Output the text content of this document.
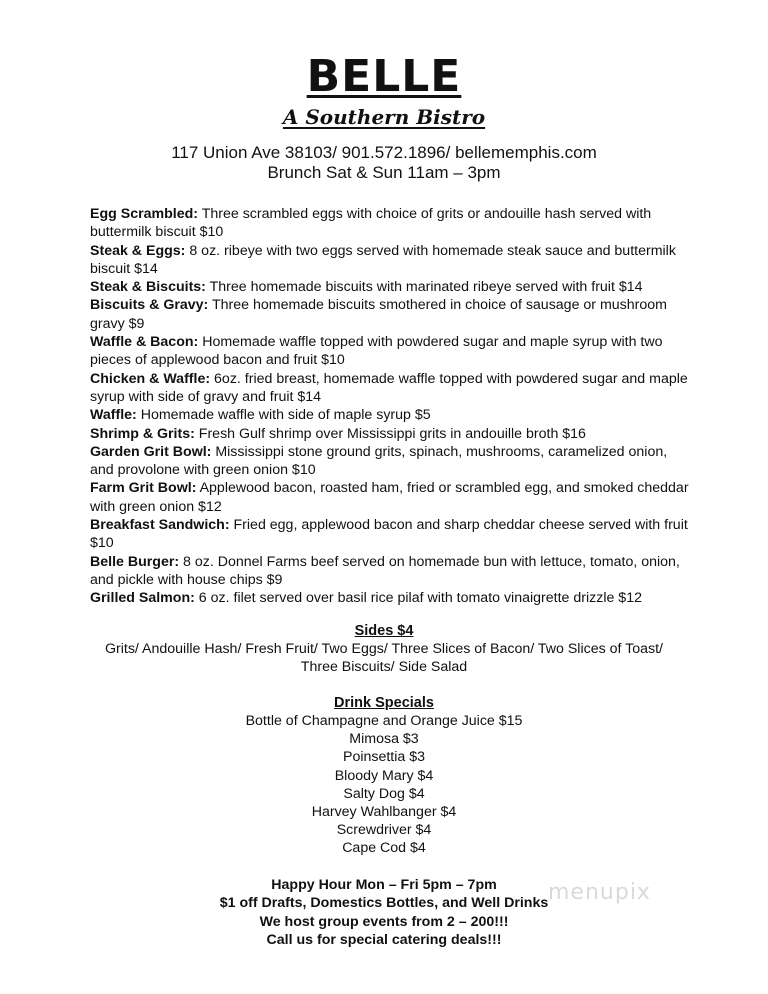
BELLE
A Southern Bistro
117 Union Ave 38103/ 901.572.1896/ bellememphis.com
Brunch Sat & Sun 11am – 3pm

Egg Scrambled: Three scrambled eggs with choice of grits or andouille hash served with buttermilk biscuit $10

Steak & Eggs: 8 oz. ribeye with two eggs served with homemade steak sauce and buttermilk biscuit $14

Steak & Biscuits: Three homemade biscuits with marinated ribeye served with fruit $14

Biscuits & Gravy: Three homemade biscuits smothered in choice of sausage or mushroom gravy $9

Waffle & Bacon: Homemade waffle topped with powdered sugar and maple syrup with two pieces of applewood bacon and fruit $10

Chicken & Waffle: 6oz. fried breast, homemade waffle topped with powdered sugar and maple syrup with side of gravy and fruit $14

Waffle: Homemade waffle with side of maple syrup $5

Shrimp & Grits: Fresh Gulf shrimp over Mississippi grits in andouille broth $16

Garden Grit Bowl: Mississippi stone ground grits, spinach, mushrooms, caramelized onion, and provolone with green onion $10

Farm Grit Bowl: Applewood bacon, roasted ham, fried or scrambled egg, and smoked cheddar with green onion $12

Breakfast Sandwich: Fried egg, applewood bacon and sharp cheddar cheese served with fruit $10

Belle Burger: 8 oz. Donnel Farms beef served on homemade bun with lettuce, tomato, onion, and pickle with house chips $9

Grilled Salmon: 6 oz. filet served over basil rice pilaf with tomato vinaigrette drizzle $12

Sides $4
Grits/ Andouille Hash/ Fresh Fruit/ Two Eggs/ Three Slices of Bacon/ Two Slices of Toast/
Three Biscuits/ Side Salad
Drink Specials
Bottle of Champagne and Orange Juice $15
Mimosa $3
Poinsettia $3
Bloody Mary $4
Salty Dog $4
Harvey Wahlbanger $4
Screwdriver $4
Cape Cod $4
Happy Hour Mon – Fri 5pm – 7pm
$1 off Drafts, Domestics Bottles, and Well Drinks
We host group events from 2 – 200!!!
Call us for special catering deals!!!
menupix
